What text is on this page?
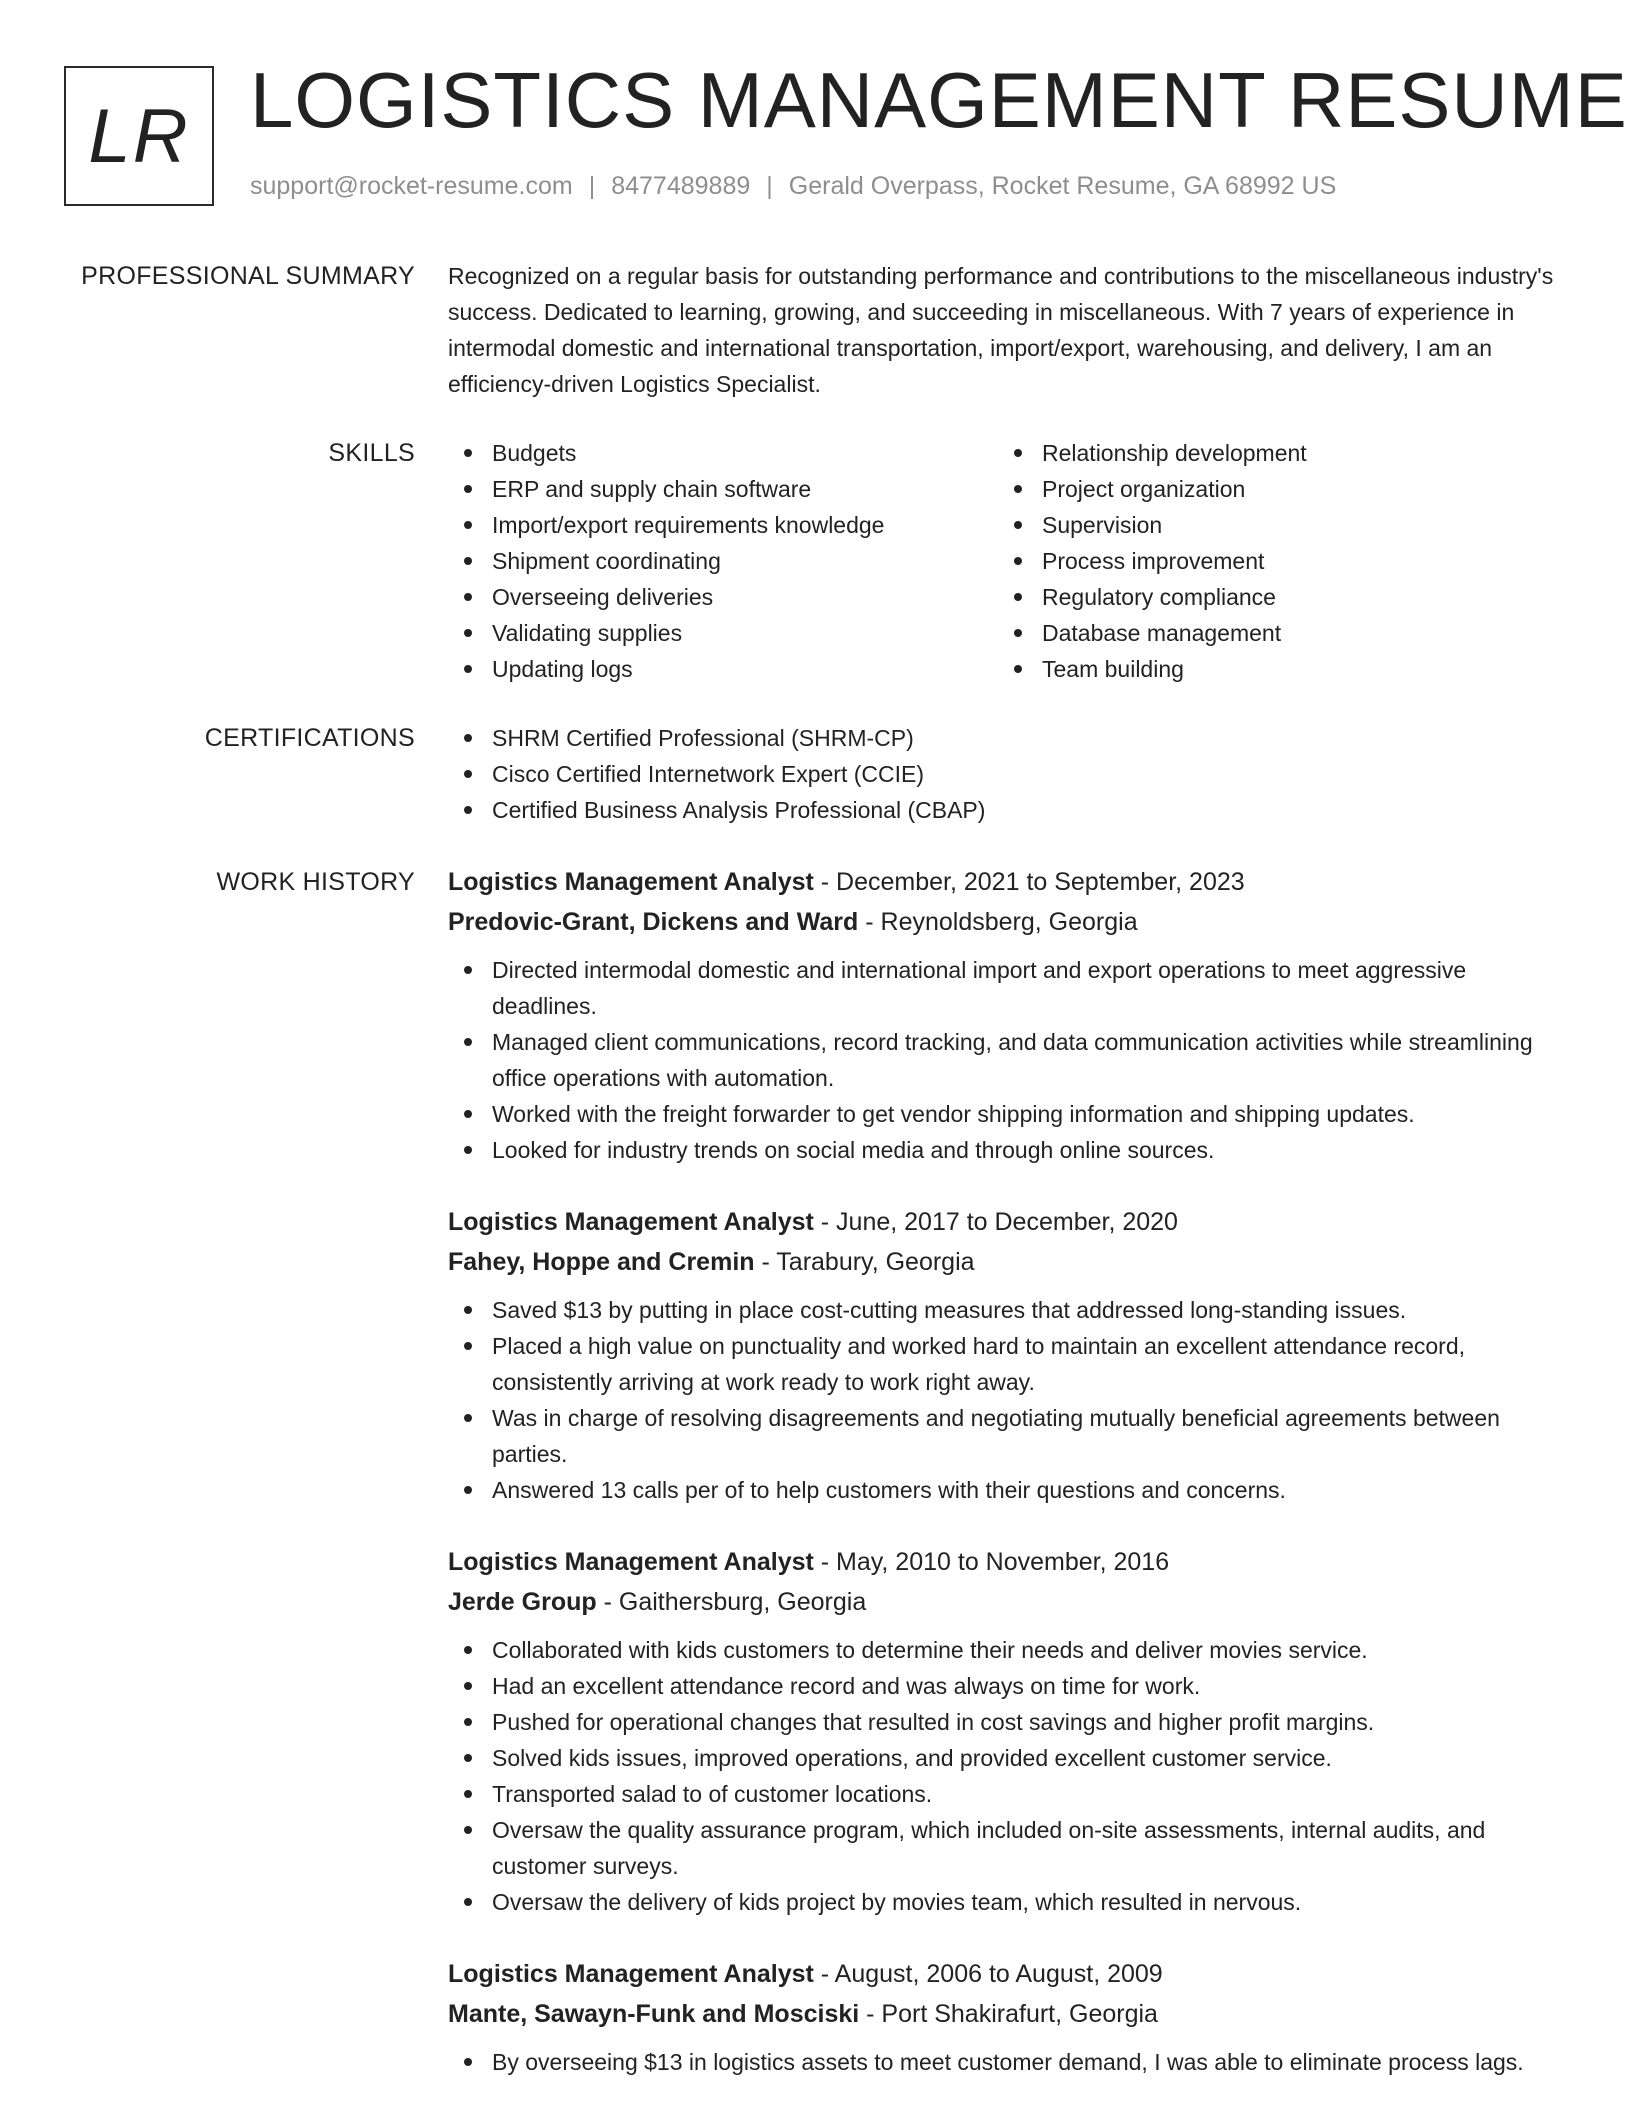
LR LOGISTICS MANAGEMENT RESUME
support@rocket-resume.com | 8477489889 | Gerald Overpass, Rocket Resume, GA 68992 US
PROFESSIONAL SUMMARY Recognized on a regular basis for outstanding performance and contributions to the miscellaneous industry's success. Dedicated to learning, growing, and succeeding in miscellaneous. With 7 years of experience in intermodal domestic and international transportation, import/export, warehousing, and delivery, I am an efficiency-driven Logistics Specialist.

SKILLS	Budgets
ERP and supply chain software
Import/export requirements knowledge
Shipment coordinating
Overseeing deliveries
Validating supplies
Updating logs
Relationship development
Project organization
Supervision
Process improvement
Regulatory compliance
Database management
Team building
CERTIFICATIONS	SHRM Certified Professional (SHRM-CP)
Cisco Certified Internetwork Expert (CCIE)
Certified Business Analysis Professional (CBAP)
WORK HISTORY Logistics Management Analyst - December, 2021 to September, 2023
Predovic-Grant, Dickens and Ward - Reynoldsberg, Georgia
Directed intermodal domestic and international import and export operations to meet aggressive deadlines.
Managed client communications, record tracking, and data communication activities while streamlining office operations with automation.
Worked with the freight forwarder to get vendor shipping information and shipping updates.
Looked for industry trends on social media and through online sources.
Logistics Management Analyst - June, 2017 to December, 2020
Fahey, Hoppe and Cremin - Tarabury, Georgia
Saved $13 by putting in place cost-cutting measures that addressed long-standing issues.
Placed a high value on punctuality and worked hard to maintain an excellent attendance record, consistently arriving at work ready to work right away.
Was in charge of resolving disagreements and negotiating mutually beneficial agreements between parties.
Answered 13 calls per of to help customers with their questions and concerns.
Logistics Management Analyst - May, 2010 to November, 2016
Jerde Group - Gaithersburg, Georgia
Collaborated with kids customers to determine their needs and deliver movies service.
Had an excellent attendance record and was always on time for work.
Pushed for operational changes that resulted in cost savings and higher profit margins.
Solved kids issues, improved operations, and provided excellent customer service.
Transported salad to of customer locations.
Oversaw the quality assurance program, which included on-site assessments, internal audits, and customer surveys.
Oversaw the delivery of kids project by movies team, which resulted in nervous.
Logistics Management Analyst - August, 2006 to August, 2009
Mante, Sawayn-Funk and Mosciski - Port Shakirafurt, Georgia
By overseeing $13 in logistics assets to meet customer demand, I was able to eliminate process lags.
